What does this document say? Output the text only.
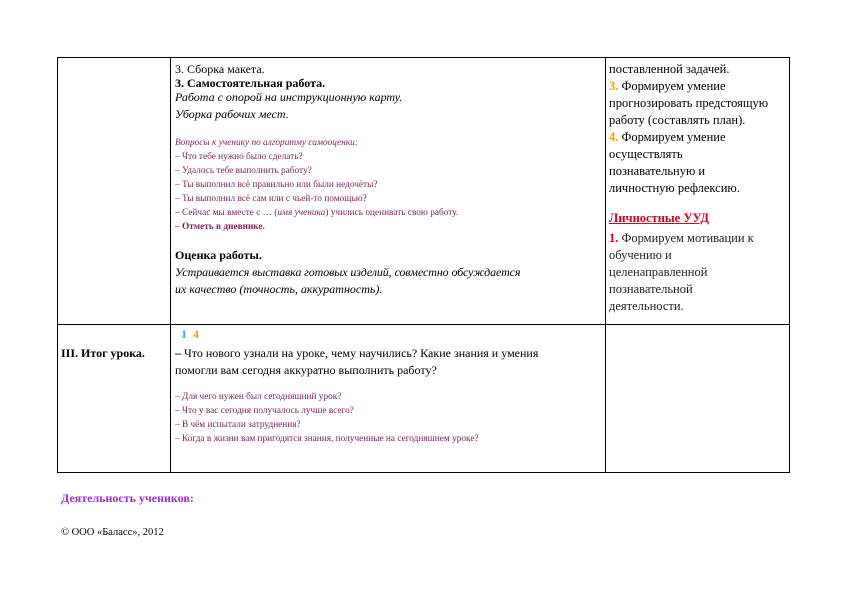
3. Сборка макета.
3. Самостоятельная работа.
Работа с опорой на инструкционную карту.
Уборка рабочих мест.
Вопросы к ученику по алгоритму самооценки:
– Что тебе нужно было сделать?
– Удалось тебе выполнить работу?
– Ты выполнил всё правильно или были недочёты?
– Ты выполнил всё сам или с чьей-то помощью?
– Сейчас мы вместе с … (имя ученика) учились оценивать свою работу.
– Отметь в дневнике.
Оценка работы.
Устраивается выставка готовых изделий, совместно обсуждается
их качество (точность, аккуратность).
поставленной задачей.
3. Формируем умение
прогнозировать предстоящую
работу (составлять план).
4. Формируем умение
осуществлять
познавательную и
личностную рефлексию.
Личностные УУД
1. Формируем мотивации к
обучению и
целенаправленной
познавательной
деятельности.
III. Итог урока.
1 4
– Что нового узнали на уроке, чему научились? Какие знания и умения
помогли вам сегодня аккуратно выполнить работу?
– Для чего нужен был сегодняшний урок?
– Что у вас сегодня получалось лучше всего?
– В чём испытали затруднения?
– Когда в жизни вам пригодятся знания, полученные на сегодняшнем уроке?
Деятельность учеников:
© ООО «Баласс», 2012
